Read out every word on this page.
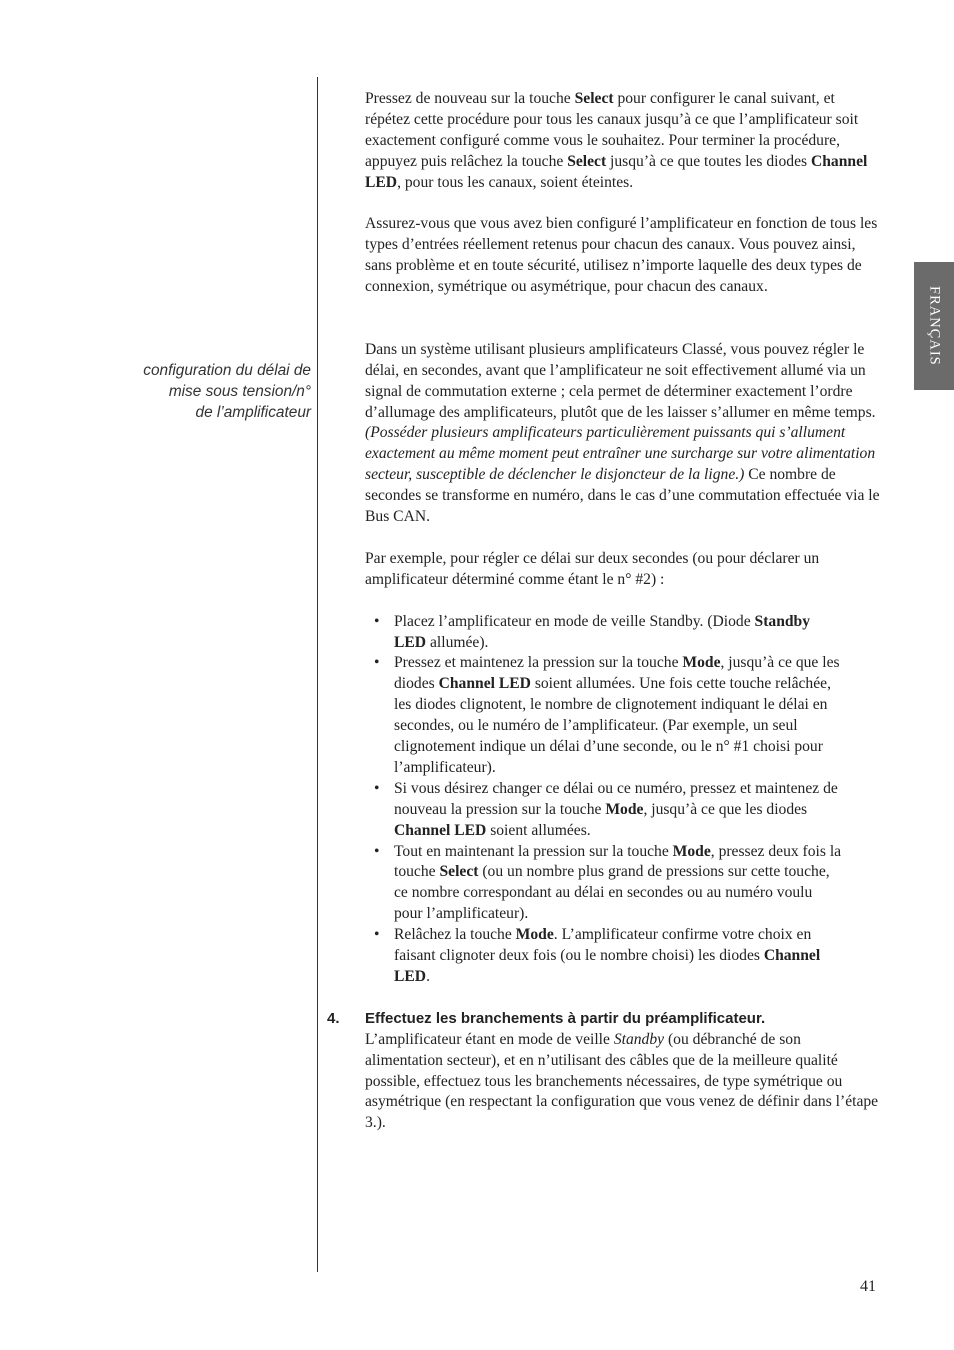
FRANÇAIS
configuration du délai de
mise sous tension/n°
de l’amplificateur

Pressez de nouveau sur la touche Select pour configurer le canal suivant, et répétez cette procédure pour tous les canaux jusqu’à ce que l’amplificateur soit exactement configuré comme vous le souhaitez. Pour terminer la procédure, appuyez puis relâchez la touche Select jusqu’à ce que toutes les diodes Channel LED, pour tous les canaux, soient éteintes.

Assurez-vous que vous avez bien configuré l’amplificateur en fonction de tous les types d’entrées réellement retenus pour chacun des canaux. Vous pouvez ainsi, sans problème et en toute sécurité, utilisez n’importe laquelle des deux types de connexion, symétrique ou asymétrique, pour chacun des canaux.

Dans un système utilisant plusieurs amplificateurs Classé, vous pouvez régler le délai, en secondes, avant que l’amplificateur ne soit effectivement allumé via un signal de commutation externe ; cela permet de déterminer exactement l’ordre d’allumage des amplificateurs, plutôt que de les laisser s’allumer en même temps. (Posséder plusieurs amplificateurs particulièrement puissants qui s’allument exactement au même moment peut entraîner une surcharge sur votre alimentation secteur, susceptible de déclencher le disjoncteur de la ligne.) Ce nombre de secondes se transforme en numéro, dans le cas d’une commutation effectuée via le Bus CAN.

Par exemple, pour régler ce délai sur deux secondes (ou pour déclarer un amplificateur déterminé comme étant le n° #2) :

• Placez l’amplificateur en mode de veille Standby. (Diode Standby LED allumée).
• Pressez et maintenez la pression sur la touche Mode, jusqu’à ce que les diodes Channel LED soient allumées. Une fois cette touche relâchée, les diodes clignotent, le nombre de clignotement indiquant le délai en secondes, ou le numéro de l’amplificateur. (Par exemple, un seul clignotement indique un délai d’une seconde, ou le n° #1 choisi pour l’amplificateur).
• Si vous désirez changer ce délai ou ce numéro, pressez et maintenez de nouveau la pression sur la touche Mode, jusqu’à ce que les diodes Channel LED soient allumées.
• Tout en maintenant la pression sur la touche Mode, pressez deux fois la touche Select (ou un nombre plus grand de pressions sur cette touche, ce nombre correspondant au délai en secondes ou au numéro voulu pour l’amplificateur).
• Relâchez la touche Mode. L’amplificateur confirme votre choix en faisant clignoter deux fois (ou le nombre choisi) les diodes Channel LED.
4. Effectuez les branchements à partir du préamplificateur.

L’amplificateur étant en mode de veille Standby (ou débranché de son alimentation secteur), et en n’utilisant des câbles que de la meilleure qualité possible, effectuez tous les branchements nécessaires, de type symétrique ou asymétrique (en respectant la configuration que vous venez de définir dans l’étape 3.).

41
